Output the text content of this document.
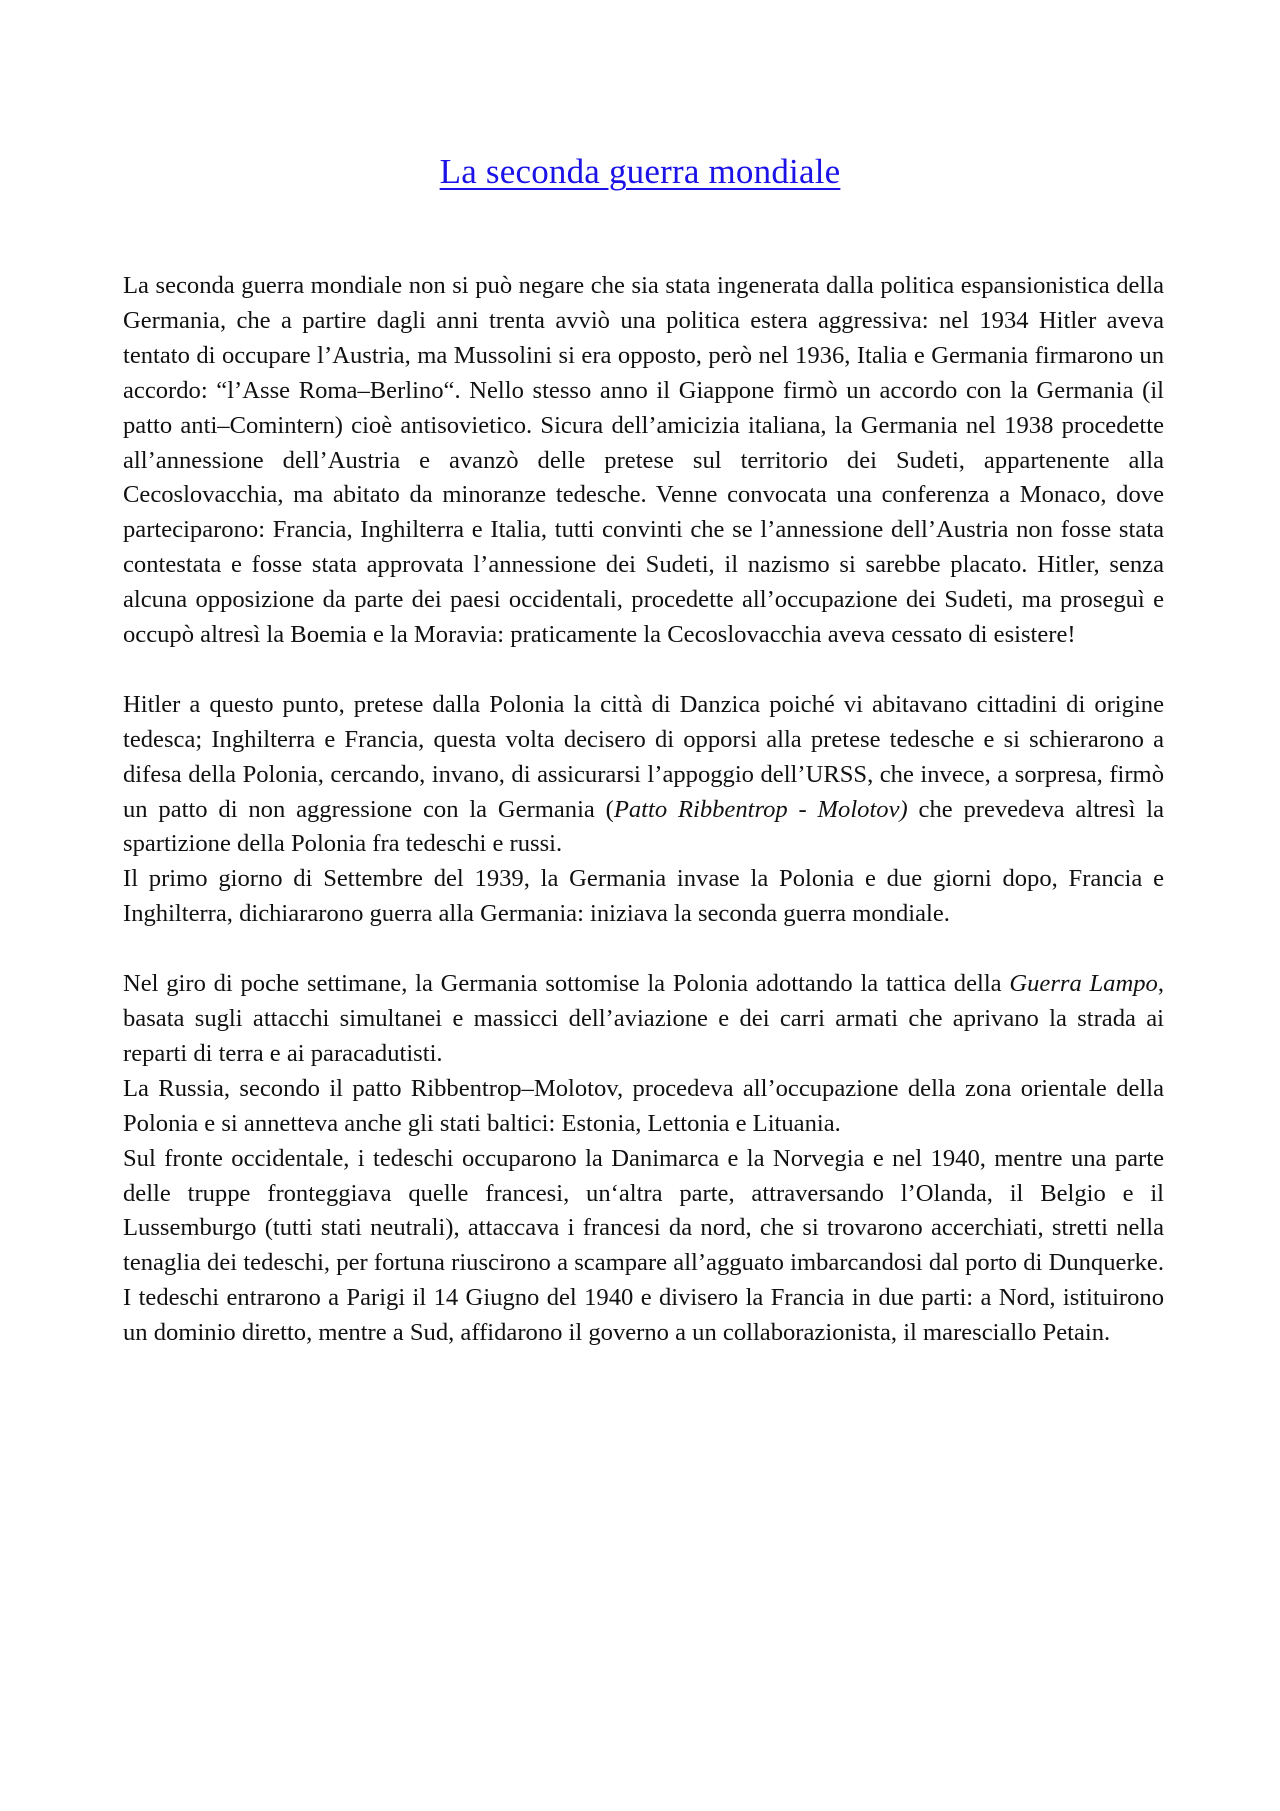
La seconda guerra mondiale

La seconda guerra mondiale non si può negare che sia stata ingenerata dalla politica espansionistica della Germania, che a partire dagli anni trenta avviò una politica estera aggressiva: nel 1934 Hitler aveva tentato di occupare l’Austria, ma Mussolini si era opposto, però nel 1936, Italia e Germania firmarono un accordo: “l’Asse Roma–Berlino“. Nello stesso anno il Giappone firmò un accordo con la Germania (il patto anti–Comintern) cioè antisovietico. Sicura dell’amicizia italiana, la Germania nel 1938 procedette all’annessione dell’Austria e avanzò delle pretese sul territorio dei Sudeti, appartenente alla Cecoslovacchia, ma abitato da minoranze tedesche. Venne convocata una conferenza a Monaco, dove parteciparono: Francia, Inghilterra e Italia, tutti convinti che se l’annessione dell’Austria non fosse stata contestata e fosse stata approvata l’annessione dei Sudeti, il nazismo si sarebbe placato. Hitler, senza alcuna opposizione da parte dei paesi occidentali, procedette all’occupazione dei Sudeti, ma proseguì e occupò altresì la Boemia e la Moravia: praticamente la Cecoslovacchia aveva cessato di esistere!

Hitler a questo punto, pretese dalla Polonia la città di Danzica poiché vi abitavano cittadini di origine tedesca; Inghilterra e Francia, questa volta decisero di opporsi alla pretese tedesche e si schierarono a difesa della Polonia, cercando, invano, di assicurarsi l’appoggio dell’URSS, che invece, a sorpresa, firmò un patto di non aggressione con la Germania (Patto Ribbentrop - Molotov) che prevedeva altresì la spartizione della Polonia fra tedeschi e russi.

Il primo giorno di Settembre del 1939, la Germania invase la Polonia e due giorni dopo, Francia e Inghilterra, dichiararono guerra alla Germania: iniziava la seconda guerra mondiale.

Nel giro di poche settimane, la Germania sottomise la Polonia adottando la tattica della Guerra Lampo, basata sugli attacchi simultanei e massicci dell’aviazione e dei carri armati che aprivano la strada ai reparti di terra e ai paracadutisti.

La Russia, secondo il patto Ribbentrop–Molotov, procedeva all’occupazione della zona orientale della Polonia e si annetteva anche gli stati baltici: Estonia, Lettonia e Lituania.

Sul fronte occidentale, i tedeschi occuparono la Danimarca e la Norvegia e nel 1940, mentre una parte delle truppe fronteggiava quelle francesi, un‘altra parte, attraversando l’Olanda, il Belgio e il Lussemburgo (tutti stati neutrali), attaccava i francesi da nord, che si trovarono accerchiati, stretti nella tenaglia dei tedeschi, per fortuna riuscirono a scampare all’agguato imbarcandosi dal porto di Dunquerke. I tedeschi entrarono a Parigi il 14 Giugno del 1940 e divisero la Francia in due parti: a Nord, istituirono un dominio diretto, mentre a Sud, affidarono il governo a un collaborazionista, il maresciallo Petain.
